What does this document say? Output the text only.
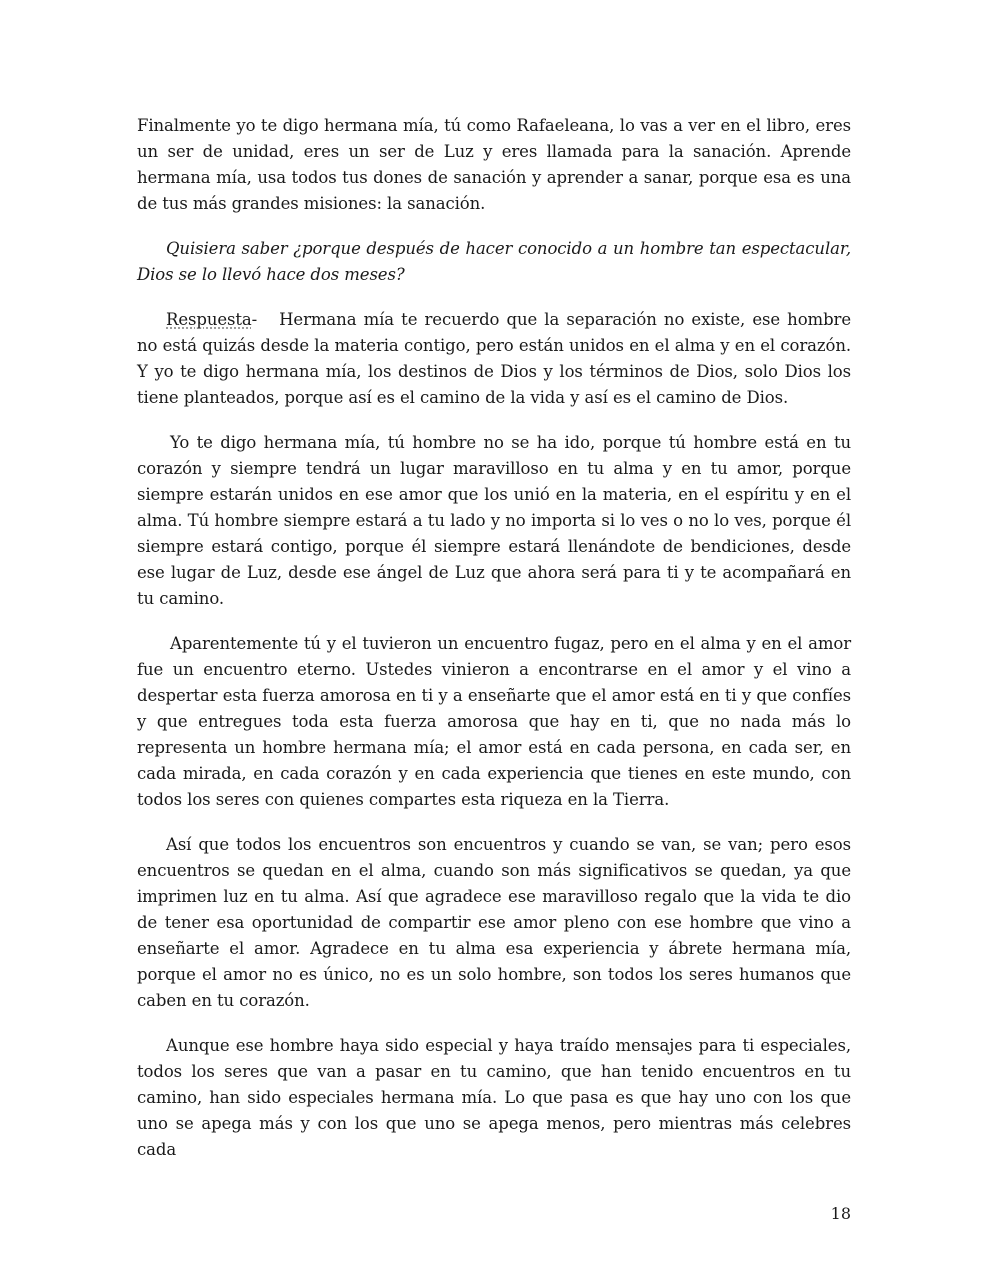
Finalmente yo te digo hermana mía, tú como Rafaeleana, lo vas a ver en el libro, eres un ser de unidad, eres un ser de Luz y eres llamada para la sanación. Aprende hermana mía, usa todos tus dones de sanación y aprender a sanar, porque esa es una de tus más grandes misiones: la sanación.

Quisiera saber ¿porque después de hacer conocido a un hombre tan espectacular, Dios se lo llevó hace dos meses?

Respuesta- Hermana mía te recuerdo que la separación no existe, ese hombre no está quizás desde la materia contigo, pero están unidos en el alma y en el corazón. Y yo te digo hermana mía, los destinos de Dios y los términos de Dios, solo Dios los tiene planteados, porque así es el camino de la vida y así es el camino de Dios.

Yo te digo hermana mía, tú hombre no se ha ido, porque tú hombre está en tu corazón y siempre tendrá un lugar maravilloso en tu alma y en tu amor, porque siempre estarán unidos en ese amor que los unió en la materia, en el espíritu y en el alma. Tú hombre siempre estará a tu lado y no importa si lo ves o no lo ves, porque él siempre estará contigo, porque él siempre estará llenándote de bendiciones, desde ese lugar de Luz, desde ese ángel de Luz que ahora será para ti y te acompañará en tu camino.

Aparentemente tú y el tuvieron un encuentro fugaz, pero en el alma y en el amor fue un encuentro eterno. Ustedes vinieron a encontrarse en el amor y el vino a despertar esta fuerza amorosa en ti y a enseñarte que el amor está en ti y que confíes y que entregues toda esta fuerza amorosa que hay en ti, que no nada más lo representa un hombre hermana mía; el amor está en cada persona, en cada ser, en cada mirada, en cada corazón y en cada experiencia que tienes en este mundo, con todos los seres con quienes compartes esta riqueza en la Tierra.

Así que todos los encuentros son encuentros y cuando se van, se van; pero esos encuentros se quedan en el alma, cuando son más significativos se quedan, ya que imprimen luz en tu alma. Así que agradece ese maravilloso regalo que la vida te dio de tener esa oportunidad de compartir ese amor pleno con ese hombre que vino a enseñarte el amor. Agradece en tu alma esa experiencia y ábrete hermana mía, porque el amor no es único, no es un solo hombre, son todos los seres humanos que caben en tu corazón.

Aunque ese hombre haya sido especial y haya traído mensajes para ti especiales, todos los seres que van a pasar en tu camino, que han tenido encuentros en tu camino, han sido especiales hermana mía. Lo que pasa es que hay uno con los que uno se apega más y con los que uno se apega menos, pero mientras más celebres cada

18
